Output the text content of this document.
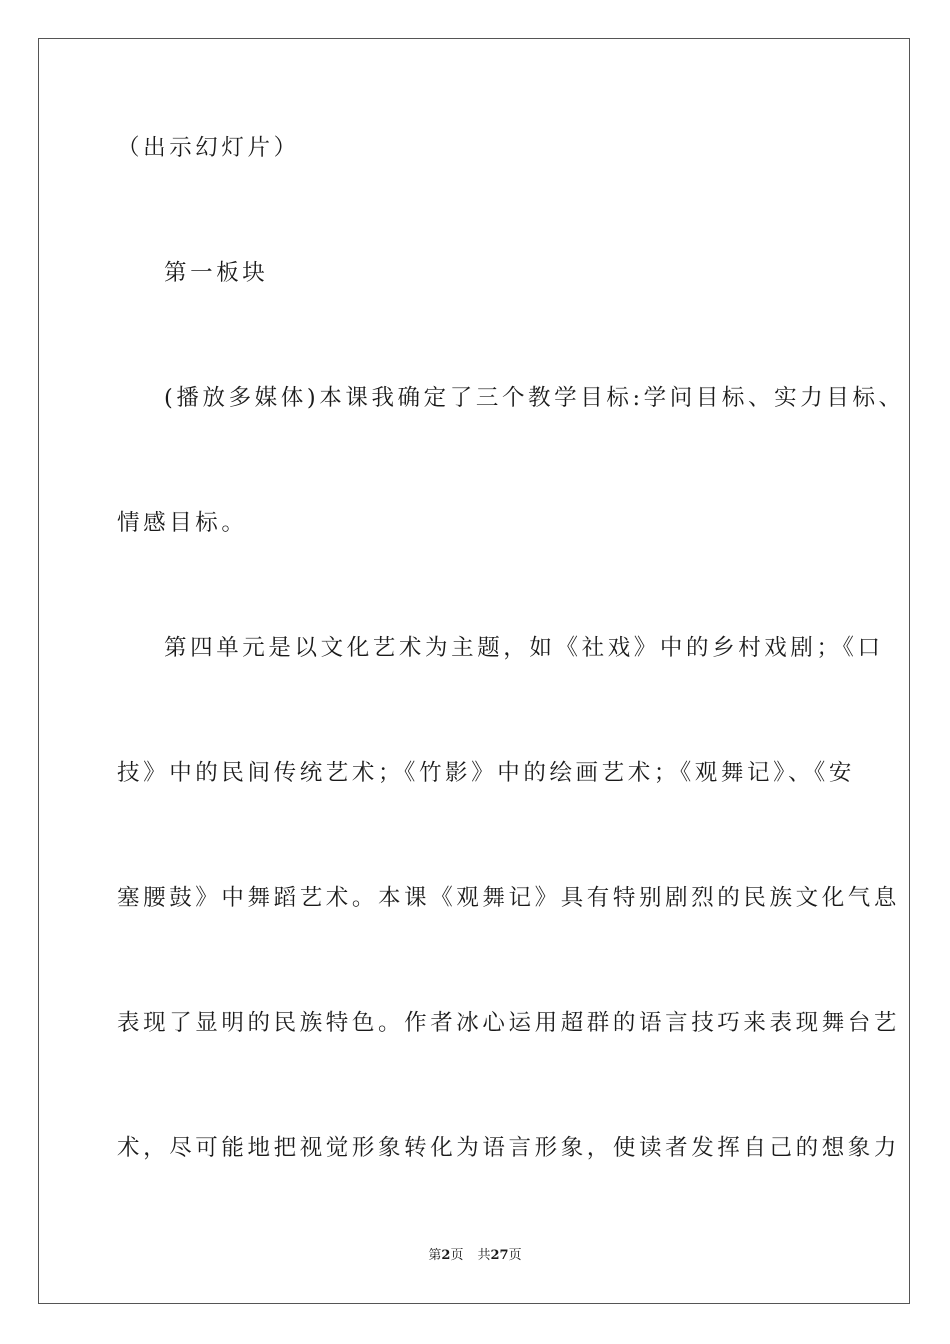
（出示幻灯片）
第一板块
(播放多媒体)本课我确定了三个教学目标:学问目标、实力目标、
情感目标。
第四单元是以文化艺术为主题，如《社戏》中的乡村戏剧；《口
技》中的民间传统艺术；《竹影》中的绘画艺术；《观舞记》、《安
塞腰鼓》中舞蹈艺术。本课《观舞记》具有特别剧烈的民族文化气息
表现了显明的民族特色。作者冰心运用超群的语言技巧来表现舞台艺
术，尽可能地把视觉形象转化为语言形象，使读者发挥自己的想象力
第2页 共27页
